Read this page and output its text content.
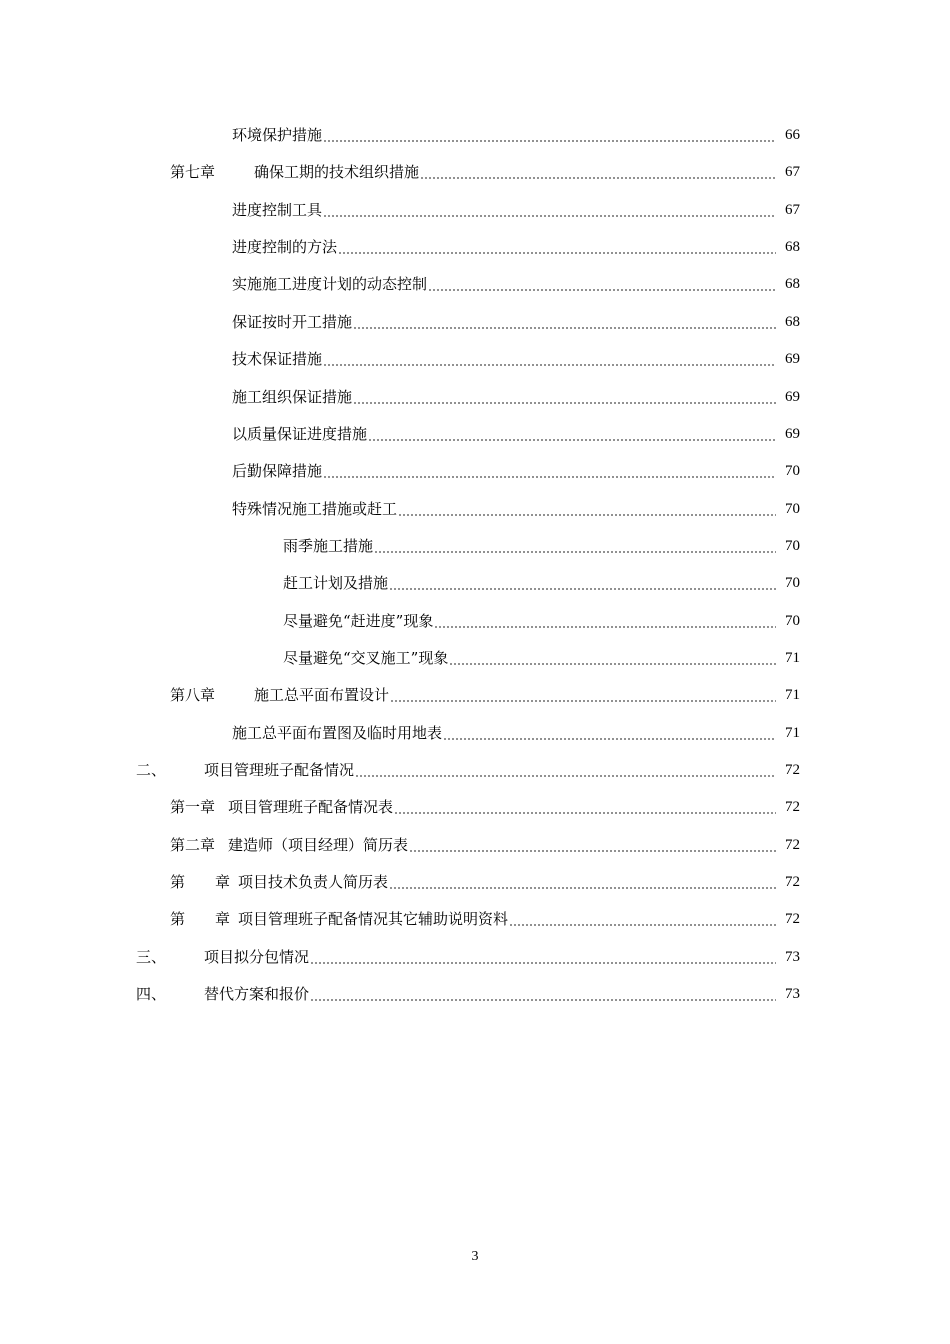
环境保护措施	66
第七章	确保工期的技术组织措施	67
进度控制工具	67
进度控制的方法	68
实施施工进度计划的动态控制	68
保证按时开工措施	68
技术保证措施	69
施工组织保证措施	69
以质量保证进度措施	69
后勤保障措施	70
特殊情况施工措施或赶工	70
雨季施工措施	70
赶工计划及措施	70
尽量避免“赶进度”现象	70
尽量避免“交叉施工”现象	71
第八章	施工总平面布置设计	71
施工总平面布置图及临时用地表	71
二、	项目管理班子配备情况	72
第一章 项目管理班子配备情况表	72
第二章 建造师（项目经理）简历表	72
第　　章 项目技术负责人简历表	72
第　　章 项目管理班子配备情况其它辅助说明资料	72
三、	项目拟分包情况	73
四、	替代方案和报价	73
3
